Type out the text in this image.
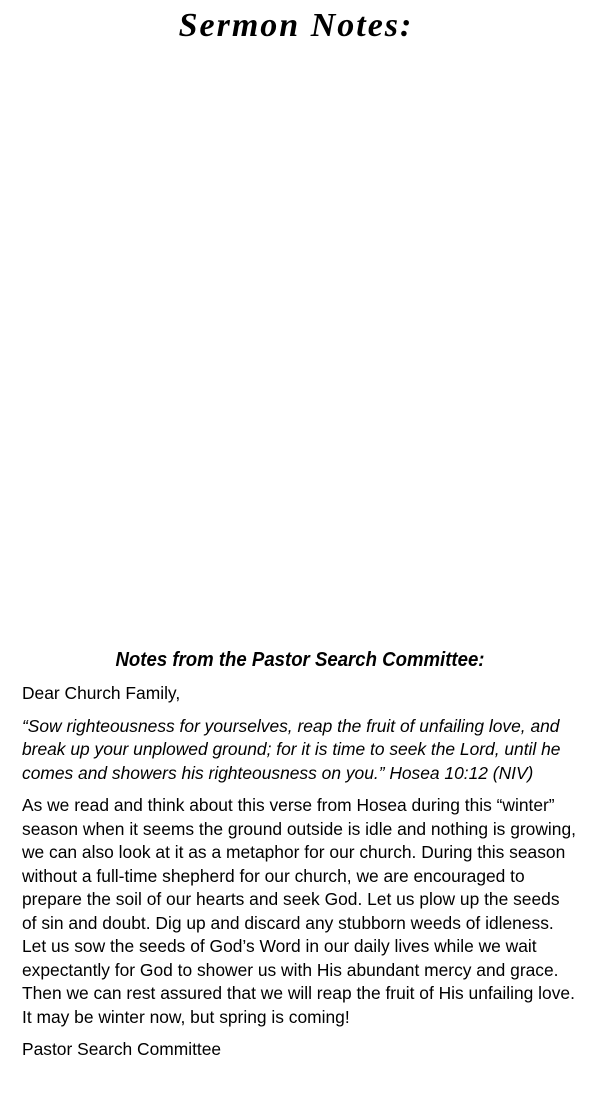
Sermon Notes:
Notes from the Pastor Search Committee:

Dear Church Family,

“Sow righteousness for yourselves, reap the fruit of unfailing love, and break up your unplowed ground; for it is time to seek the Lord, until he comes and showers his righteousness on you.” Hosea 10:12 (NIV)

As we read and think about this verse from Hosea during this “winter” season when it seems the ground outside is idle and nothing is growing, we can also look at it as a metaphor for our church. During this season without a full-time shepherd for our church, we are encouraged to prepare the soil of our hearts and seek God. Let us plow up the seeds of sin and doubt. Dig up and discard any stubborn weeds of idleness. Let us sow the seeds of God’s Word in our daily lives while we wait expectantly for God to shower us with His abundant mercy and grace. Then we can rest assured that we will reap the fruit of His unfailing love. It may be winter now, but spring is coming!

Pastor Search Committee
